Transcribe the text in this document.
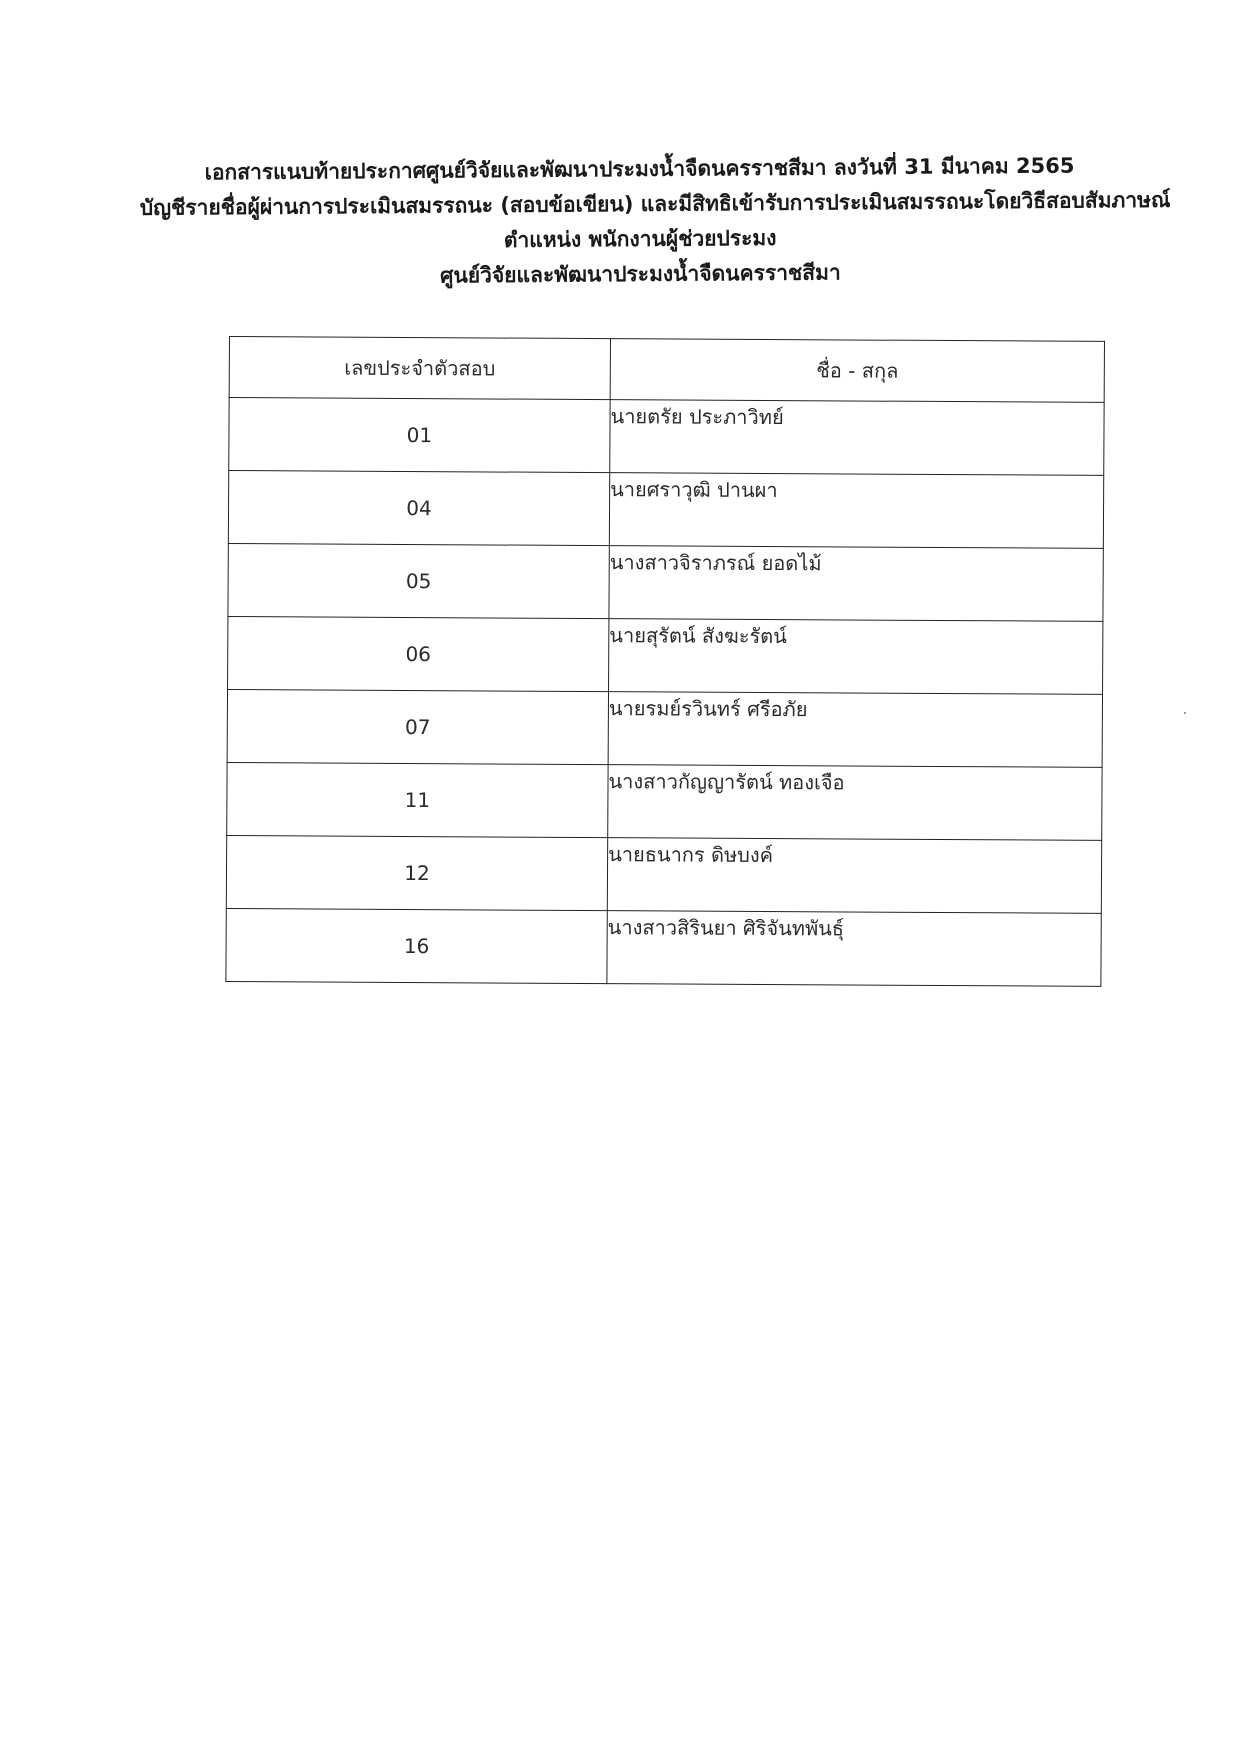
เอกสารแนบท้ายประกาศศูนย์วิจัยและพัฒนาประมงน้ำจืดนครราชสีมา ลงวันที่ 31 มีนาคม 2565
บัญชีรายชื่อผู้ผ่านการประเมินสมรรถนะ (สอบข้อเขียน) และมีสิทธิเข้ารับการประเมินสมรรถนะโดยวิธีสอบสัมภาษณ์
ตำแหน่ง พนักงานผู้ช่วยประมง
ศูนย์วิจัยและพัฒนาประมงน้ำจืดนครราชสีมา
เลขประจำตัวสอบ	ชื่อ - สกุล
01	นายตรัย ประภาวิทย์
04	นายศราวุฒิ ปานผา
05	นางสาวจิราภรณ์ ยอดไม้
06	นายสุรัตน์ สังฆะรัตน์
07	นายรมย์รวินทร์ ศรีอภัย
11	นางสาวกัญญารัตน์ ทองเจือ
12	นายธนากร ดิษบงค์
16	นางสาวสิรินยา ศิริจันทพันธุ์
